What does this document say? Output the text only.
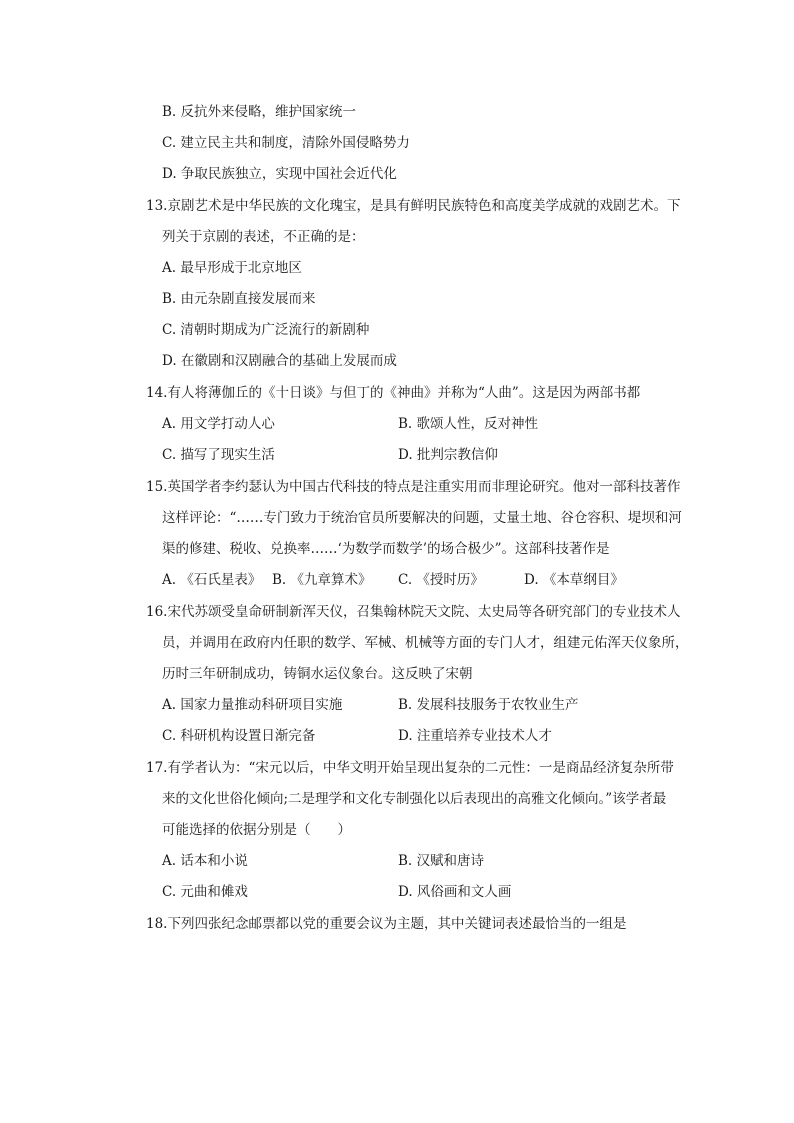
B. 反抗外来侵略，维护国家统一
C. 建立民主共和制度，清除外国侵略势力
D. 争取民族独立，实现中国社会近代化
13.京剧艺术是中华民族的文化瑰宝，是具有鲜明民族特色和高度美学成就的戏剧艺术。下
列关于京剧的表述，不正确的是：
A. 最早形成于北京地区
B. 由元杂剧直接发展而来
C. 清朝时期成为广泛流行的新剧种
D. 在徽剧和汉剧融合的基础上发展而成
14.有人将薄伽丘的《十日谈》与但丁的《神曲》并称为“人曲”。这是因为两部书都
A. 用文学打动人心	B. 歌颂人性，反对神性
C. 描写了现实生活	D. 批判宗教信仰
15.英国学者李约瑟认为中国古代科技的特点是注重实用而非理论研究。他对一部科技著作
这样评论：“……专门致力于统治官员所要解决的问题，丈量土地、谷仓容积、堤坝和河
渠的修建、税收、兑换率……‘为数学而数学’的场合极少”。这部科技著作是
A. 《石氏星表》 B. 《九章算术》 C. 《授时历》	D. 《本草纲目》
16.宋代苏颂受皇命研制新浑天仪，召集翰林院天文院、太史局等各研究部门的专业技术人
员，并调用在政府内任职的数学、军械、机械等方面的专门人才，组建元佑浑天仪象所，
历时三年研制成功，铸铜水运仪象台。这反映了宋朝
A. 国家力量推动科研项目实施	B. 发展科技服务于农牧业生产
C. 科研机构设置日渐完备	D. 注重培养专业技术人才
17.有学者认为：“宋元以后，中华文明开始呈现出复杂的二元性：一是商品经济复杂所带
来的文化世俗化倾向;二是理学和文化专制强化以后表现出的高雅文化倾向。”该学者最
可能选择的依据分别是（　　）
A. 话本和小说	B. 汉赋和唐诗
C. 元曲和傩戏	D. 风俗画和文人画
18.下列四张纪念邮票都以党的重要会议为主题，其中关键词表述最恰当的一组是
